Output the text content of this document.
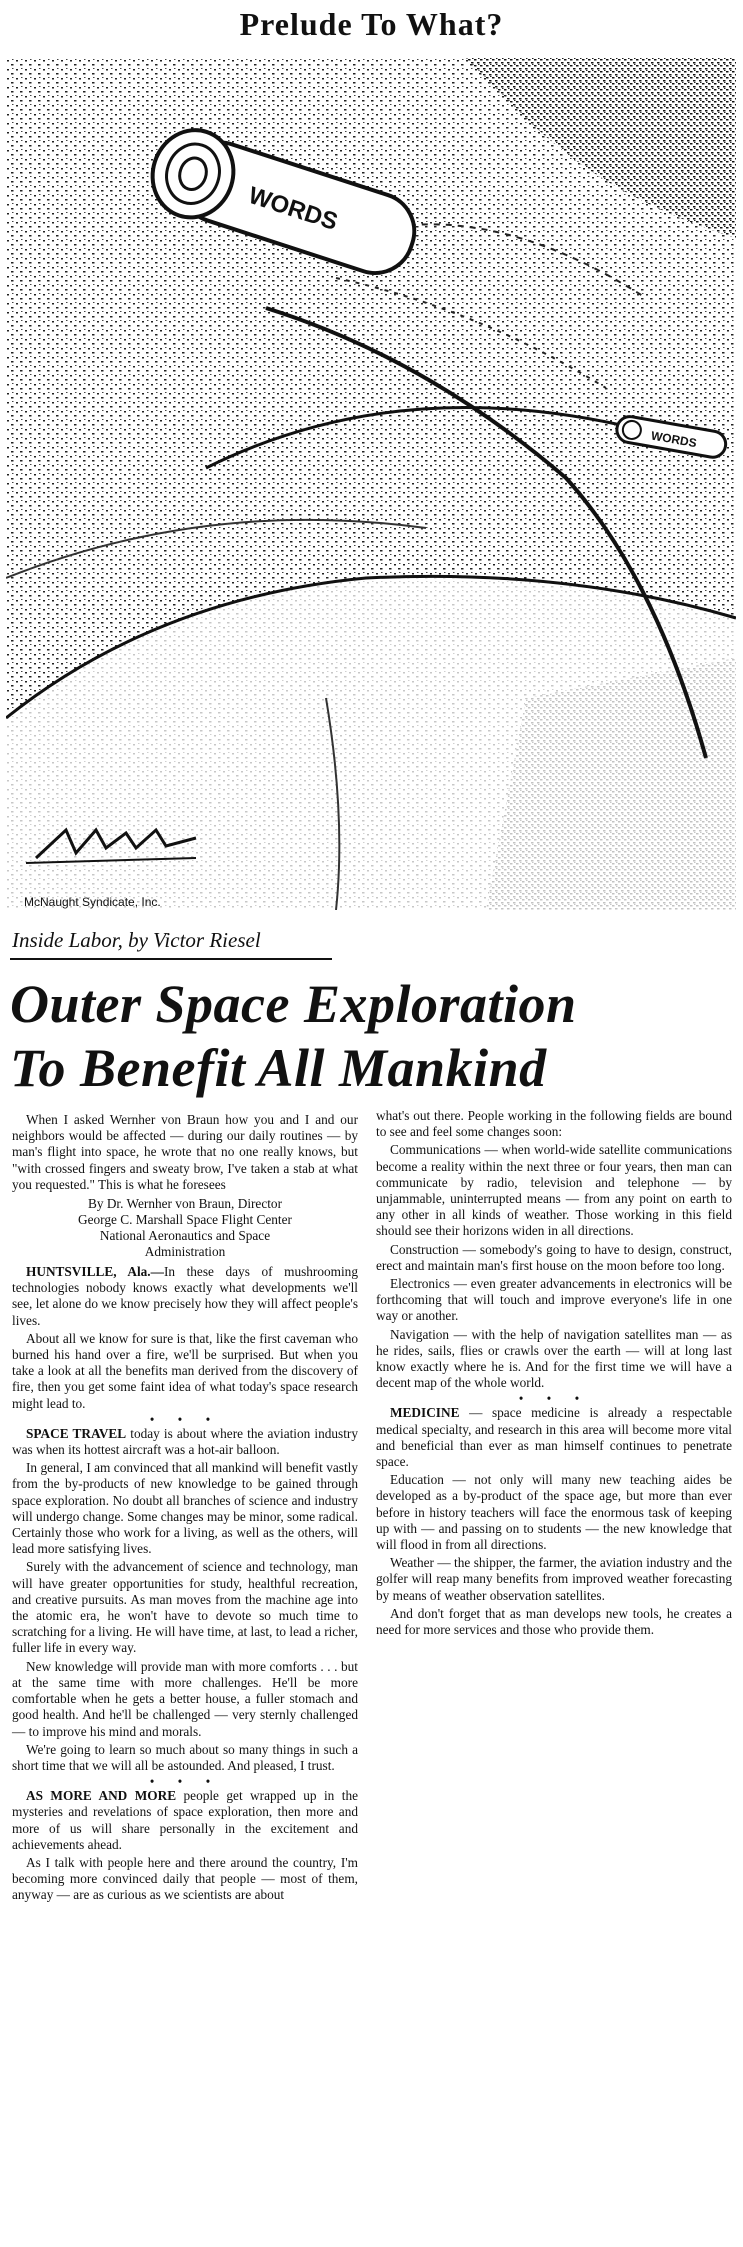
Prelude To What?
WORDS
WORDS
McNaught Syndicate, Inc.
Inside Labor, by Victor Riesel
Outer Space Exploration
To Benefit All Mankind

When I asked Wernher von Braun how you and I and our neighbors would be affected — during our daily routines — by man's flight into space, he wrote that no one really knows, but "with crossed fingers and sweaty brow, I've taken a stab at what you requested." This is what he foresees

By Dr. Wernher von Braun, Director
George C. Marshall Space Flight Center
National Aeronautics and Space
Administration

HUNTSVILLE, Ala.—In these days of mushrooming technologies nobody knows exactly what developments we'll see, let alone do we know precisely how they will affect people's lives.

About all we know for sure is that, like the first caveman who burned his hand over a fire, we'll be surprised. But when you take a look at all the benefits man derived from the discovery of fire, then you get some faint idea of what today's space research might lead to.

• • •

SPACE TRAVEL today is about where the aviation industry was when its hottest aircraft was a hot-air balloon.

In general, I am convinced that all mankind will benefit vastly from the by-products of new knowledge to be gained through space exploration. No doubt all branches of science and industry will undergo change. Some changes may be minor, some radical. Certainly those who work for a living, as well as the others, will lead more satisfying lives.

Surely with the advancement of science and technology, man will have greater opportunities for study, healthful recreation, and creative pursuits. As man moves from the machine age into the atomic era, he won't have to devote so much time to scratching for a living. He will have time, at last, to lead a richer, fuller life in every way.

New knowledge will provide man with more comforts . . . but at the same time with more challenges. He'll be more comfortable when he gets a better house, a fuller stomach and good health. And he'll be challenged — very sternly challenged — to improve his mind and morals.

We're going to learn so much about so many things in such a short time that we will all be astounded. And pleased, I trust.

• • •

AS MORE AND MORE people get wrapped up in the mysteries and revelations of space exploration, then more and more of us will share personally in the excitement and achievements ahead.

As I talk with people here and there around the country, I'm becoming more convinced daily that people — most of them, anyway — are as curious as we scientists are about

what's out there. People working in the following fields are bound to see and feel some changes soon:

Communications — when world-wide satellite communications become a reality within the next three or four years, then man can communicate by radio, television and telephone — by unjammable, uninterrupted means — from any point on earth to any other in all kinds of weather. Those working in this field should see their horizons widen in all directions.

Construction — somebody's going to have to design, construct, erect and maintain man's first house on the moon before too long.

Electronics — even greater advancements in electronics will be forthcoming that will touch and improve everyone's life in one way or another.

Navigation — with the help of navigation satellites man — as he rides, sails, flies or crawls over the earth — will at long last know exactly where he is. And for the first time we will have a decent map of the whole world.

• • •

MEDICINE — space medicine is already a respectable medical specialty, and research in this area will become more vital and beneficial than ever as man himself continues to penetrate space.

Education — not only will many new teaching aides be developed as a by-product of the space age, but more than ever before in history teachers will face the enormous task of keeping up with — and passing on to students — the new knowledge that will flood in from all directions.

Weather — the shipper, the farmer, the aviation industry and the golfer will reap many benefits from improved weather forecasting by means of weather observation satellites.

And don't forget that as man develops new tools, he creates a need for more services and those who provide them.
